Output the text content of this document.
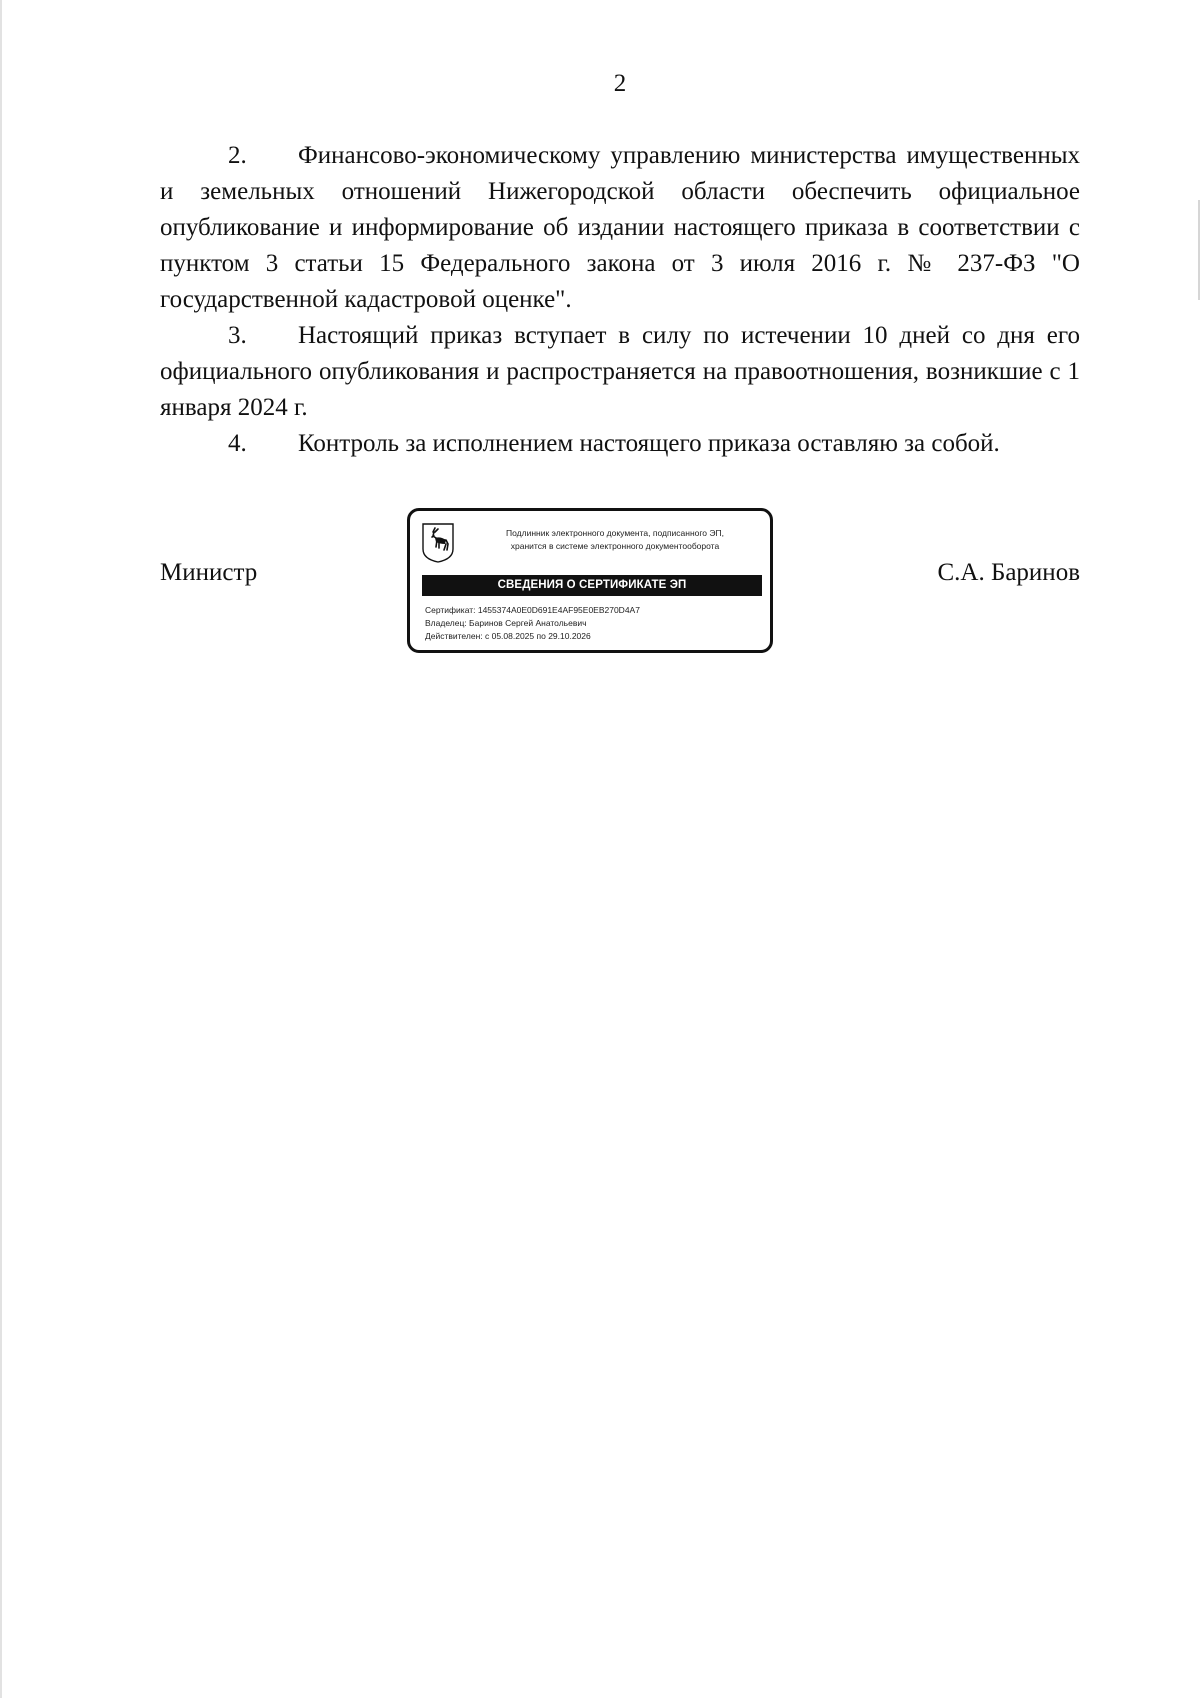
2

2. Финансово-экономическому управлению министерства имущественных и земельных отношений Нижегородской области обеспечить официальное опубликование и информирование об издании настоящего приказа в соответствии с пунктом 3 статьи 15 Федерального закона от 3 июля 2016 г. № 237-ФЗ "О государственной кадастровой оценке".

3. Настоящий приказ вступает в силу по истечении 10 дней со дня его официального опубликования и распространяется на правоотношения, возникшие с 1 января 2024 г.

4. Контроль за исполнением настоящего приказа оставляю за собой.

Министр
Подлинник электронного документа, подписанного ЭП,
хранится в системе электронного документооборота
СВЕДЕНИЯ О СЕРТИФИКАТЕ ЭП
Сертификат: 1455374A0E0D691E4AF95E0EB270D4A7
Владелец: Баринов Сергей Анатольевич
Действителен: с 05.08.2025 по 29.10.2026
С.А. Баринов
